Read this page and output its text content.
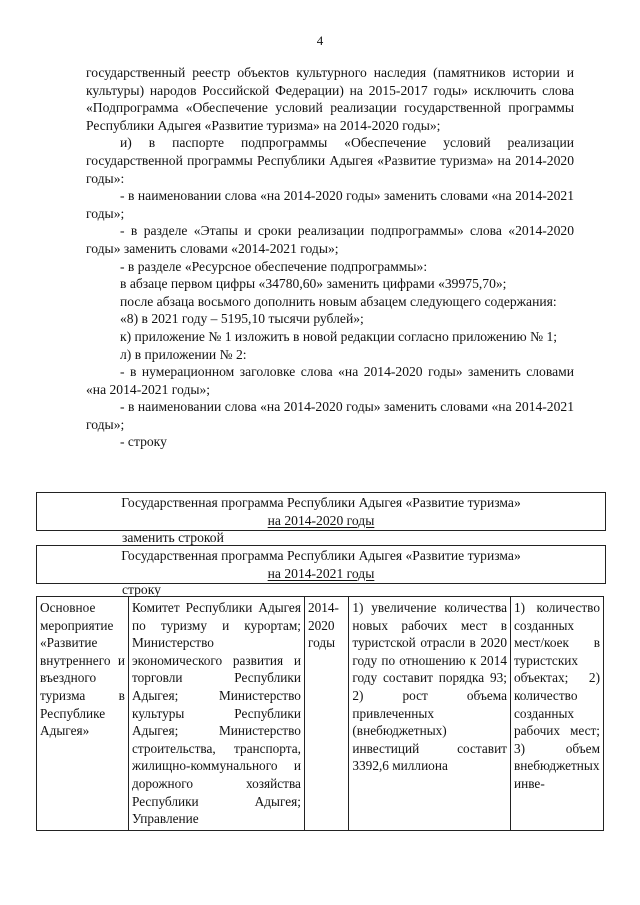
4

государственный реестр объектов культурного наследия (памятников истории и культуры) народов Российской Федерации) на 2015-2017 годы» исключить слова «Подпрограмма «Обеспечение условий реализации государственной программы Республики Адыгея «Развитие туризма» на 2014-2020 годы»;

и) в паспорте подпрограммы «Обеспечение условий реализации государственной программы Республики Адыгея «Развитие туризма» на 2014-2020 годы»:

- в наименовании слова «на 2014-2020 годы» заменить словами «на 2014-2021 годы»;

- в разделе «Этапы и сроки реализации подпрограммы» слова «2014-2020 годы» заменить словами «2014-2021 годы»;

- в разделе «Ресурсное обеспечение подпрограммы»:

в абзаце первом цифры «34780,60» заменить цифрами «39975,70»;

после абзаца восьмого дополнить новым абзацем следующего содержания:

«8) в 2021 году – 5195,10 тысячи рублей»;

к) приложение № 1 изложить в новой редакции согласно приложению № 1;

л) в приложении № 2:

- в нумерационном заголовке слова «на 2014-2020 годы» заменить словами «на 2014-2021 годы»;

- в наименовании слова «на 2014-2020 годы» заменить словами «на 2014-2021 годы»;

- строку

Государственная программа Республики Адыгея «Развитие туризма»
на 2014-2020 годы
заменить строкой
Государственная программа Республики Адыгея «Развитие туризма»
на 2014-2021 годы
строку
Основное мероприятие «Развитие внутреннего и въездного туризма в Республике Адыгея»	Комитет Республики Адыгея по туризму и курортам; Министерство экономического развития и торговли Республики Адыгея; Министерство культуры Республики Адыгея; Министерство строительства, транспорта, жилищно-коммунального и дорожного хозяйства Республики Адыгея; Управление	2014-2020 годы	1) увеличение количества новых рабочих мест в туристской отрасли в 2020 году по отношению к 2014 году составит порядка 93; 2) рост объема привлеченных (внебюджетных) инвестиций составит 3392,6 миллиона	1) количество созданных мест/коек в туристских объектах; 2) количество созданных рабочих мест; 3) объем внебюджетных инве-
